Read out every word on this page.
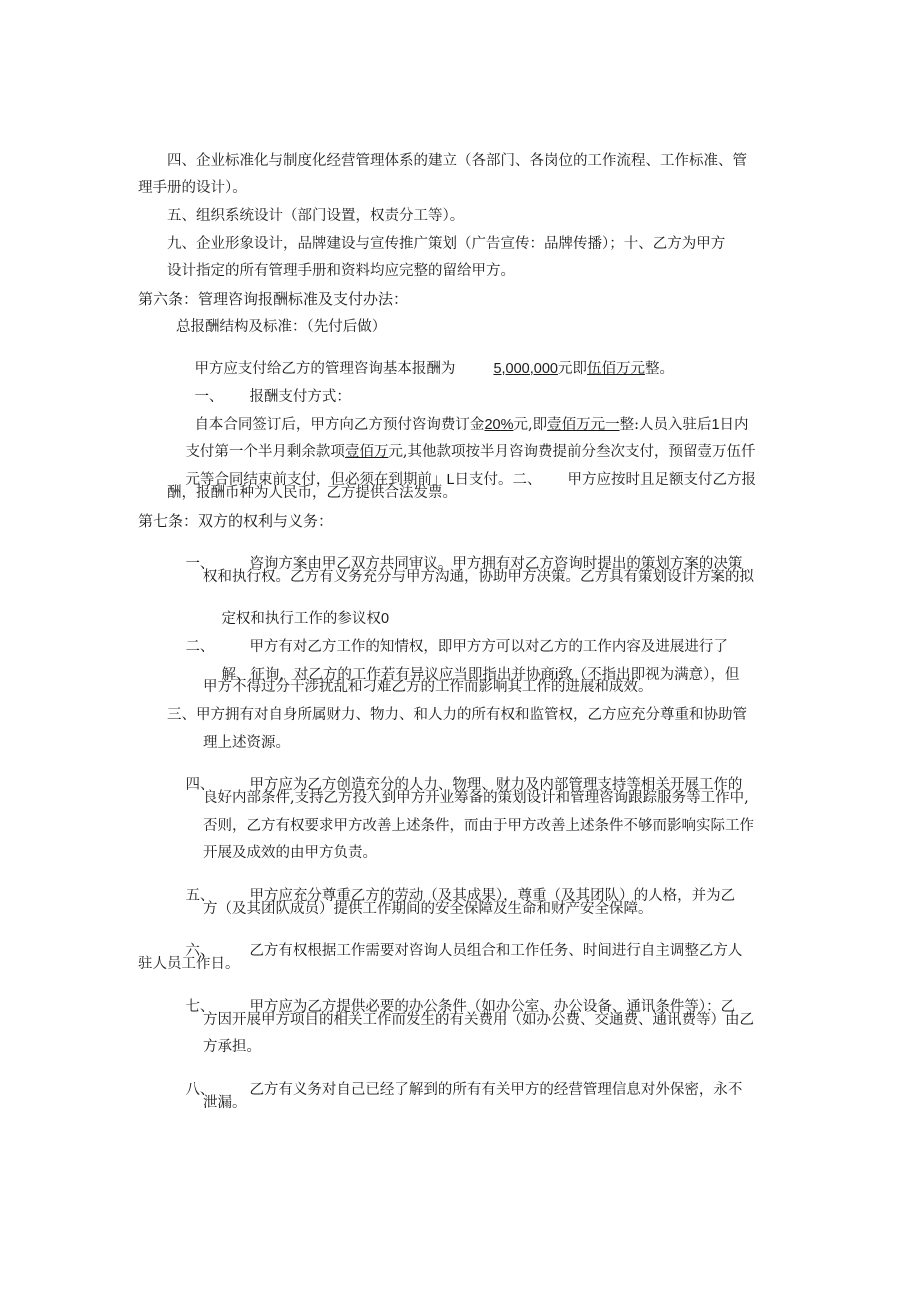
四、企业标准化与制度化经营管理体系的建立（各部门、各岗位的工作流程、工作标准、管
理手册的设计）。
五、组织系统设计（部门设置，权责分工等）。
九、企业形象设计，品牌建设与宣传推广策划（广告宣传：品牌传播）；十、乙方为甲方
设计指定的所有管理手册和资料均应完整的留给甲方。
第六条：管理咨询报酬标准及支付办法：
总报酬结构及标准：（先付后做）

甲方应支付给乙方的管理咨询基本报酬为	5,000,000元即伍佰万元整。

一、 报酬支付方式：

自本合同签订后，甲方向乙方预付咨询费订金20%元,即壹佰万元一整:人员入驻后1日内

支付第一个半月剩余款项壹佰万元,其他款项按半月咨询费提前分叁次支付，预留壹万伍仟

元等合同结束前支付，但必须在到期前」L日支付。二、 甲方应按时且足额支付乙方报

酬，报酬币种为人民币，乙方提供合法发票。
第七条：双方的权利与义务：

一、 咨询方案由甲乙双方共同审议。甲方拥有对乙方咨询时提出的策划方案的决策

权和执行权。乙方有义务充分与甲方沟通，协助甲方决策。乙方具有策划设计方案的拟

定权和执行工作的参议权0

二、 甲方有对乙方工作的知情权，即甲方方可以对乙方的工作内容及进展进行了

解、征询，对乙方的工作若有异议应当即指出并协商i致（不指出即视为满意），但

甲方不得过分干涉扰乱和刁难乙方的工作而影响其工作的进展和成效。
三、甲方拥有对自身所属财力、物力、和人力的所有权和监管权，乙方应充分尊重和协助管
理上述资源。

四、 甲方应为乙方创造充分的人力、物理、财力及内部管理支持等相关开展工作的

良好内部条件,支持乙方投入到甲方开业筹备的策划设计和管理咨询跟踪服务等工作中,
否则，乙方有权要求甲方改善上述条件，而由于甲方改善上述条件不够而影响实际工作
开展及成效的由甲方负责。

五、 甲方应充分尊重乙方的劳动（及其成果），尊重（及其团队）的人格，并为乙

方（及其团队成员）提供工作期间的安全保障及生命和财产安全保障。

六、 乙方有权根据工作需要对咨询人员组合和工作任务、时间进行自主调整乙方人

驻人员工作日。

七、 甲方应为乙方提供必要的办公条件（如办公室、办公设备、通讯条件等）：乙

方因开展甲方项目的相关工作而发生的有关费用（如办公费、交通费、通讯费等）由乙
方承担。

八、 乙方有义务对自己已经了解到的所有有关甲方的经营管理信息对外保密，永不

泄漏。
